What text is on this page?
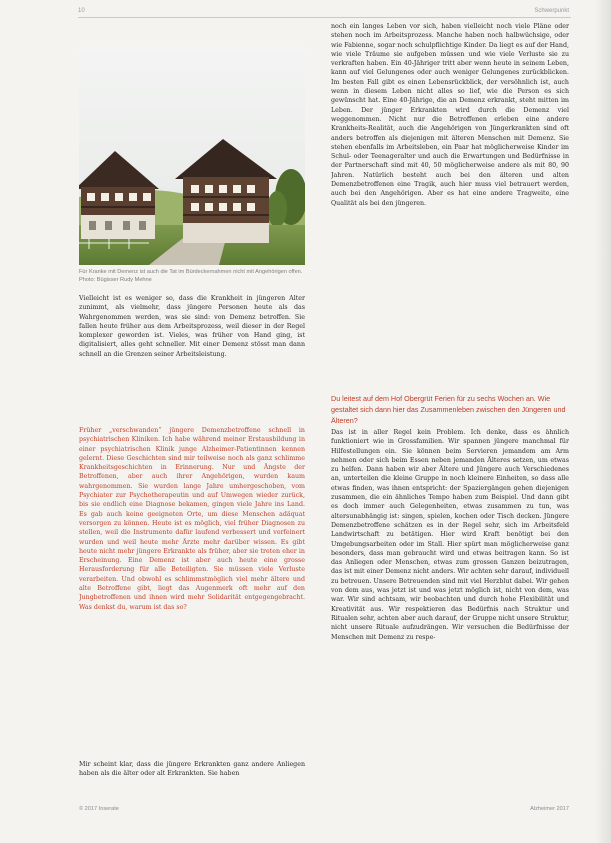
10	Schwerpunkt
Für Kranke mit Demenz ist auch die Tat im Bürdeckernahmen nicht mit Angehörigen offen. Photo: Bügisser Rudy Mehne

Vielleicht ist es weniger so, dass die Krankheit in jüngeren Alter zunimmt, als vielmehr, dass jüngere Personen heute als das Wahrgenommen werden, was sie sind: von Demenz betroffen. Sie fallen heute früher aus dem Arbeitsprozess, weil dieser in der Regel komplexer geworden ist. Vieles, was früher von Hand ging, ist digitalisiert, alles geht schneller. Mit einer Demenz stösst man dann schnell an die Grenzen seiner Arbeitsleistung.

Früher „verschwanden“ jüngere Demenzbetroffene schnell in psychiatrischen Kliniken. Ich habe während meiner Erstausbildung in einer psychiatrischen Klinik junge Alzheimer-Patientinnen kennen gelernt. Diese Geschichten sind mir teilweise noch als ganz schlimme Krankheitsgeschichten in Erinnerung. Nur und Ängste der Betroffenen, aber auch ihrer Angehörigen, wurden kaum wahrgenommen. Sie wurden lange Jahre umhergeschoben, vom Psychiater zur Psychotherapeutin und auf Umwegen wieder zurück, bis sie endlich eine Diagnose bekamen, gingen viele Jahre ins Land. Es gab auch keine geeigneten Orte, um diese Menschen adäquat versorgen zu können. Heute ist es möglich, viel früher Diagnosen zu stellen, weil die Instrumente dafür laufend verbessert und verfeinert wurden und weil heute mehr Ärzte mehr darüber wissen. Es gibt heute nicht mehr jüngere Erkrankte als früher, aber sie treten eher in Erscheinung. Eine Demenz ist aber auch heute eine grosse Herausforderung für alle Beteiligten. Sie müssen viele Verluste verarbeiten. Und obwohl es schlimmstmöglich viel mehr ältere und alte Betroffene gibt, liegt das Augenmerk oft mehr auf den Jungbetroffenen und ihnen wird mehr Solidarität entgegengebracht. Was denkst du, warum ist das so?

Mir scheint klar, dass die jüngere Erkrankten ganz andere Anliegen haben als die älter oder alt Erkrankten. Sie haben

noch ein langes Leben vor sich, haben vielleicht noch viele Pläne oder stehen noch im Arbeitsprozess. Manche haben noch halbwüchsige, oder wie Fabienne, sogar noch schulpflichtige Kinder. Da liegt es auf der Hand, wie viele Träume sie aufgeben müssen und wie viele Verluste sie zu verkraften haben. Ein 40-Jähriger tritt aber wenn heute in seinem Leben, kann auf viel Gelungenes oder auch weniger Gelungenes zurückblicken. Im besten Fall gibt es einen Lebensrückblick, der versöhnlich ist, auch wenn in diesem Leben nicht alles so lief, wie die Person es sich gewünscht hat. Eine 40-Jährige, die an Demenz erkrankt, steht mitten im Leben. Der jünger Erkrankten wird durch die Demenz viel weggenommen. Nicht nur die Betroffenen erleben eine andere Krankheits-Realität, auch die Angehörigen von Jüngerkrankten sind oft anders betroffen als diejenigen mit älteren Menschen mit Demenz. Sie stehen ebenfalls im Arbeitsleben, ein Paar hat möglicherweise Kinder im Schul- oder Teenageralter und auch die Erwartungen und Bedürfnisse in der Partnerschaft sind mit 40, 50 möglicherweise andere als mit 80, 90 Jahren. Natürlich besteht auch bei den älteren und alten Demenzbetroffenen eine Tragik, auch hier muss viel betrauert werden, auch bei den Angehörigen. Aber es hat eine andere Tragweite, eine Qualität als bei den jüngeren.

Du leitest auf dem Hof Obergrüt Ferien für zu sechs Wochen an. Wie gestaltet sich dann hier das Zusammenleben zwischen den Jüngeren und Älteren?

Das ist in aller Regel kein Problem. Ich denke, dass es ähnlich funktioniert wie in Grossfamilien. Wir spannen jüngere manchmal für Hilfestellungen ein. Sie können beim Servieren jemandem am Arm nehmen oder sich beim Essen neben jemanden Älteres setzen, um etwas zu helfen. Dann haben wir aber Ältere und Jüngere auch Verschiedenes an, unterteilen die kleine Gruppe in noch kleinere Einheiten, so dass alle etwas finden, was ihnen entspricht: der Spaziergängen gehen diejenigen zusammen, die ein ähnliches Tempo haben zum Beispiel. Und dann gibt es doch immer auch Gelegenheiten, etwas zusammen zu tun, was altersunabhängig ist: singen, spielen, kochen oder Tisch decken. Jüngere Demenzbetroffene schätzen es in der Regel sehr, sich im Arbeitsfeld Landwirtschaft zu betätigen. Hier wird Kraft benötigt bei den Umgebungsarbeiten oder im Stall. Hier spürt man möglicherweise ganz besonders, dass man gebraucht wird und etwas beitragen kann. So ist das Anliegen oder Menschen, etwas zum grossen Ganzen beizutragen, das ist mit einer Demenz nicht anders. Wir achten sehr darauf, individuell zu betreuen. Unsere Betreuenden sind mit viel Herzblut dabei. Wir gehen von dem aus, was jetzt ist und was jetzt möglich ist, nicht von dem, was war. Wir sind achtsam, wir beobachten und durch hohe Flexibilität und Kreativität aus. Wir respektieren das Bedürfnis nach Struktur und Ritualen sehr, achten aber auch darauf, der Gruppe nicht unsere Struktur, nicht unsere Rituale aufzudrängen. Wir versuchen die Bedürfnisse der Menschen mit Demenz zu respe-

© 2017 Inserate	Alzheimer 2017
